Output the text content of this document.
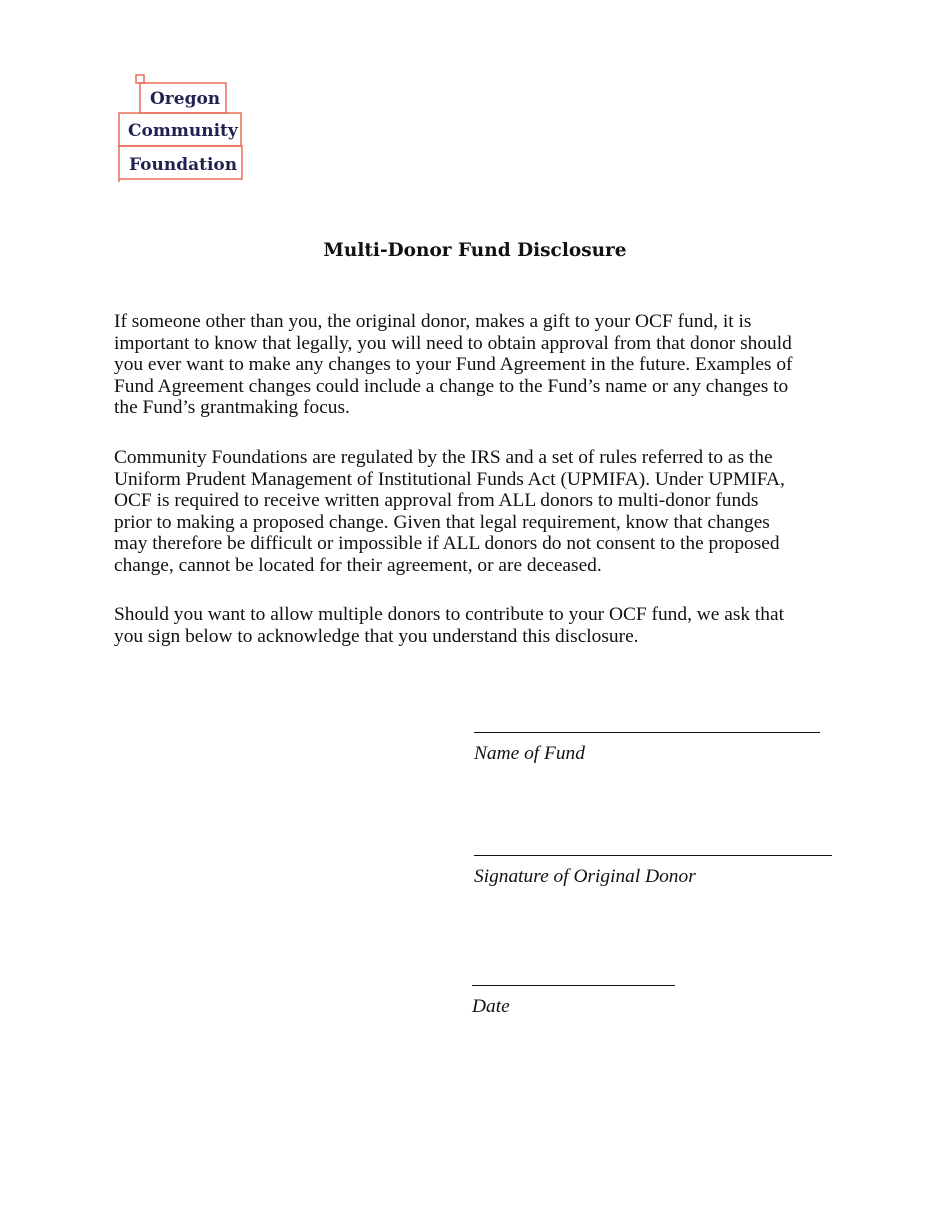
Oregon
Community
Foundation
Multi-Donor Fund Disclosure

If someone other than you, the original donor, makes a gift to your OCF fund, it is
important to know that legally, you will need to obtain approval from that donor should
you ever want to make any changes to your Fund Agreement in the future. Examples of
Fund Agreement changes could include a change to the Fund’s name or any changes to
the Fund’s grantmaking focus.

Community Foundations are regulated by the IRS and a set of rules referred to as the
Uniform Prudent Management of Institutional Funds Act (UPMIFA). Under UPMIFA,
OCF is required to receive written approval from ALL donors to multi-donor funds
prior to making a proposed change. Given that legal requirement, know that changes
may therefore be difficult or impossible if ALL donors do not consent to the proposed
change, cannot be located for their agreement, or are deceased.

Should you want to allow multiple donors to contribute to your OCF fund, we ask that
you sign below to acknowledge that you understand this disclosure.

Name of Fund

Signature of Original Donor

Date
